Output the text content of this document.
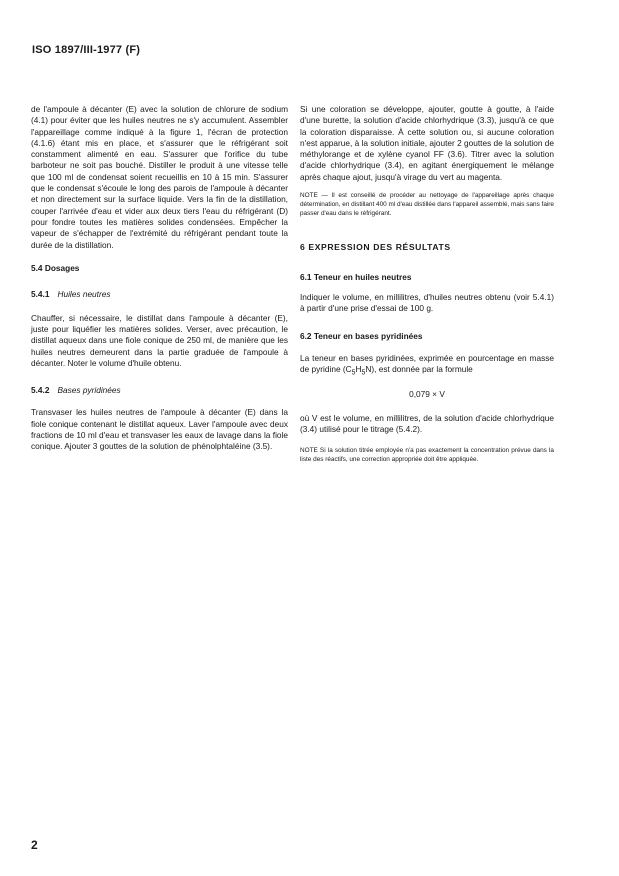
ISO 1897/III-1977 (F)

de l'ampoule à décanter (E) avec la solution de chlorure de sodium (4.1) pour éviter que les huiles neutres ne s'y accumulent. Assembler l'appareillage comme indiqué à la figure 1, l'écran de protection (4.1.6) étant mis en place, et s'assurer que le réfrigérant soit constamment alimenté en eau. S'assurer que l'orifice du tube barboteur ne soit pas bouché. Distiller le produit à une vitesse telle que 100 ml de condensat soient recueillis en 10 à 15 min. S'assurer que le condensat s'écoule le long des parois de l'ampoule à décanter et non directement sur la surface liquide. Vers la fin de la distillation, couper l'arrivée d'eau et vider aux deux tiers l'eau du réfrigérant (D) pour fondre toutes les matières solides condensées. Empêcher la vapeur de s'échapper de l'extrémité du réfrigérant pendant toute la durée de la distillation.

5.4 Dosages
5.4.1 Huiles neutres

Chauffer, si nécessaire, le distillat dans l'ampoule à décanter (E), juste pour liquéfier les matières solides. Verser, avec précaution, le distillat aqueux dans une fiole conique de 250 ml, de manière que les huiles neutres demeurent dans la partie graduée de l'ampoule à décanter. Noter le volume d'huile obtenu.

5.4.2 Bases pyridinées

Transvaser les huiles neutres de l'ampoule à décanter (E) dans la fiole conique contenant le distillat aqueux. Laver l'ampoule avec deux fractions de 10 ml d'eau et transvaser les eaux de lavage dans la fiole conique. Ajouter 3 gouttes de la solution de phénolphtaléine (3.5).

Si une coloration se développe, ajouter, goutte à goutte, à l'aide d'une burette, la solution d'acide chlorhydrique (3.3), jusqu'à ce que la coloration disparaisse. À cette solution ou, si aucune coloration n'est apparue, à la solution initiale, ajouter 2 gouttes de la solution de méthylorange et de xylène cyanol FF (3.6). Titrer avec la solution d'acide chlorhydrique (3.4), en agitant énergiquement le mélange après chaque ajout, jusqu'à virage du vert au magenta.

NOTE — Il est conseillé de procéder au nettoyage de l'appareillage après chaque détermination, en distillant 400 ml d'eau distillée dans l'appareil assemblé, mais sans faire passer d'eau dans le réfrigérant.

6 EXPRESSION DES RÉSULTATS
6.1 Teneur en huiles neutres

Indiquer le volume, en millilitres, d'huiles neutres obtenu (voir 5.4.1) à partir d'une prise d'essai de 100 g.

6.2 Teneur en bases pyridinées

La teneur en bases pyridinées, exprimée en pourcentage en masse de pyridine $(C_5H_5N)$, est donnée par la formule

0,079 × V

où V est le volume, en millilitres, de la solution d'acide chlorhydrique (3.4) utilisé pour le titrage (5.4.2).

NOTE Si la solution titrée employée n'a pas exactement la concentration prévue dans la liste des réactifs, une correction appropriée doit être appliquée.

2
